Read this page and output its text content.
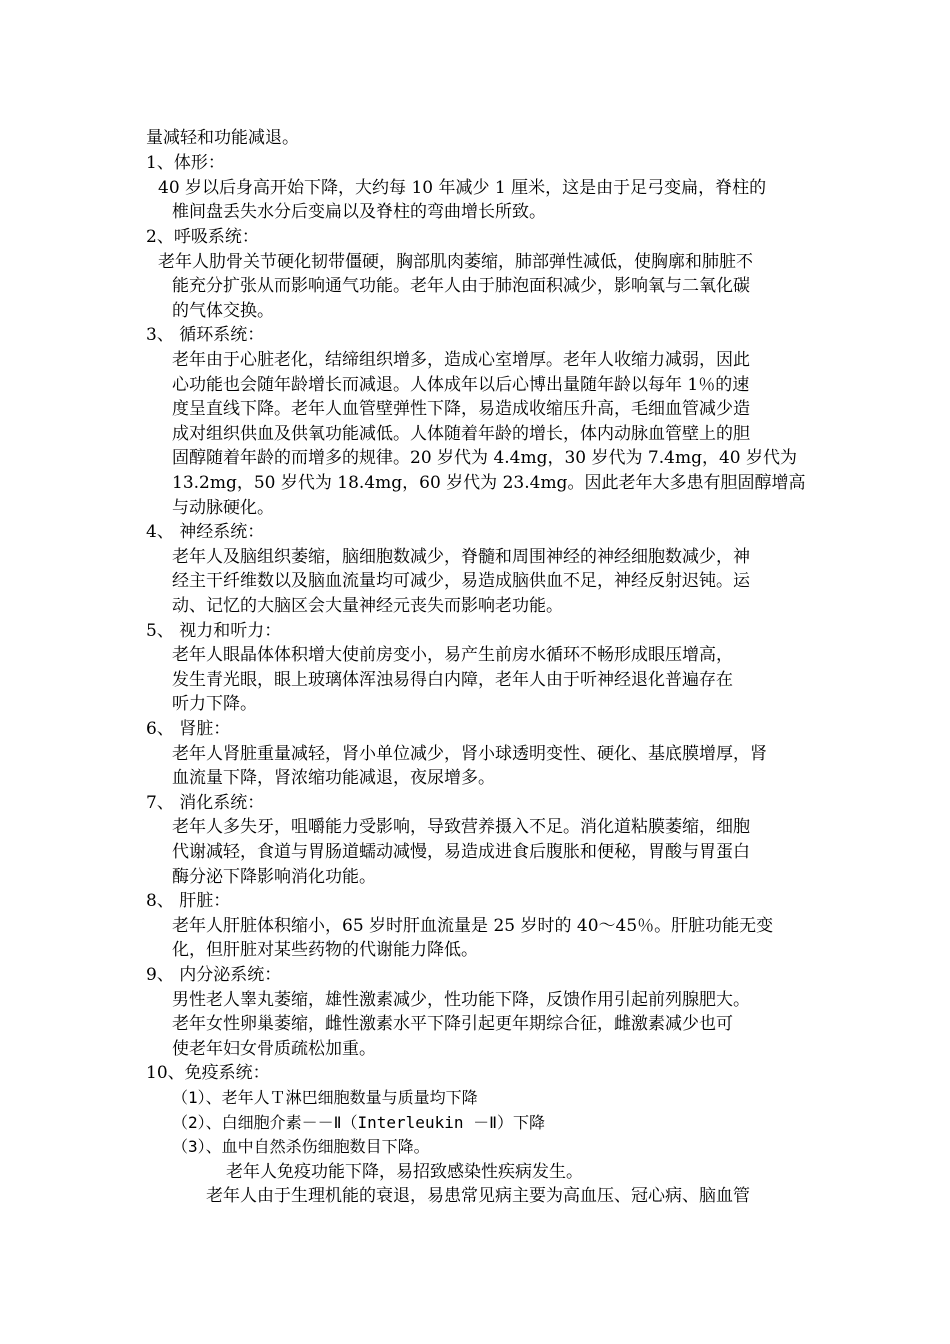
量减轻和功能减退。
1、体形：
40 岁以后身高开始下降，大约每 10 年减少 1 厘米，这是由于足弓变扁，脊柱的
椎间盘丢失水分后变扁以及脊柱的弯曲增长所致。
2、呼吸系统：
老年人肋骨关节硬化韧带僵硬，胸部肌肉萎缩，肺部弹性减低，使胸廓和肺脏不
能充分扩张从而影响通气功能。老年人由于肺泡面积减少，影响氧与二氧化碳
的气体交换。
3、 循环系统：
老年由于心脏老化，结缔组织增多，造成心室增厚。老年人收缩力减弱，因此
心功能也会随年龄增长而减退。人体成年以后心博出量随年龄以每年 1％的速
度呈直线下降。老年人血管壁弹性下降，易造成收缩压升高，毛细血管减少造
成对组织供血及供氧功能减低。人体随着年龄的增长，体内动脉血管壁上的胆
固醇随着年龄的而增多的规律。20 岁代为 4.4mg，30 岁代为 7.4mg，40 岁代为
13.2mg，50 岁代为 18.4mg，60 岁代为 23.4mg。因此老年大多患有胆固醇增高
与动脉硬化。
4、 神经系统：
老年人及脑组织萎缩，脑细胞数减少，脊髓和周围神经的神经细胞数减少，神
经主干纤维数以及脑血流量均可减少，易造成脑供血不足，神经反射迟钝。运
动、记忆的大脑区会大量神经元丧失而影响老功能。
5、 视力和听力：
老年人眼晶体体积增大使前房变小，易产生前房水循环不畅形成眼压增高，
发生青光眼，眼上玻璃体浑浊易得白内障，老年人由于听神经退化普遍存在
听力下降。
6、 肾脏：
老年人肾脏重量减轻，肾小单位减少，肾小球透明变性、硬化、基底膜增厚，肾
血流量下降，肾浓缩功能减退，夜尿增多。
7、 消化系统：
老年人多失牙，咀嚼能力受影响，导致营养摄入不足。消化道粘膜萎缩，细胞
代谢减轻，食道与胃肠道蠕动减慢，易造成进食后腹胀和便秘，胃酸与胃蛋白
酶分泌下降影响消化功能。
8、 肝脏：
老年人肝脏体积缩小，65 岁时肝血流量是 25 岁时的 40～45％。肝脏功能无变
化，但肝脏对某些药物的代谢能力降低。
9、 内分泌系统：
男性老人睾丸萎缩，雄性激素减少，性功能下降，反馈作用引起前列腺肥大。
老年女性卵巢萎缩，雌性激素水平下降引起更年期综合征，雌激素减少也可
使老年妇女骨质疏松加重。
10、免疫系统：
（1）、老年人Ｔ淋巴细胞数量与质量均下降
（2）、白细胞介素－－Ⅱ（Interleukin －Ⅱ）下降
（3）、血中自然杀伤细胞数目下降。
老年人免疫功能下降，易招致感染性疾病发生。
老年人由于生理机能的衰退，易患常见病主要为高血压、冠心病、脑血管
